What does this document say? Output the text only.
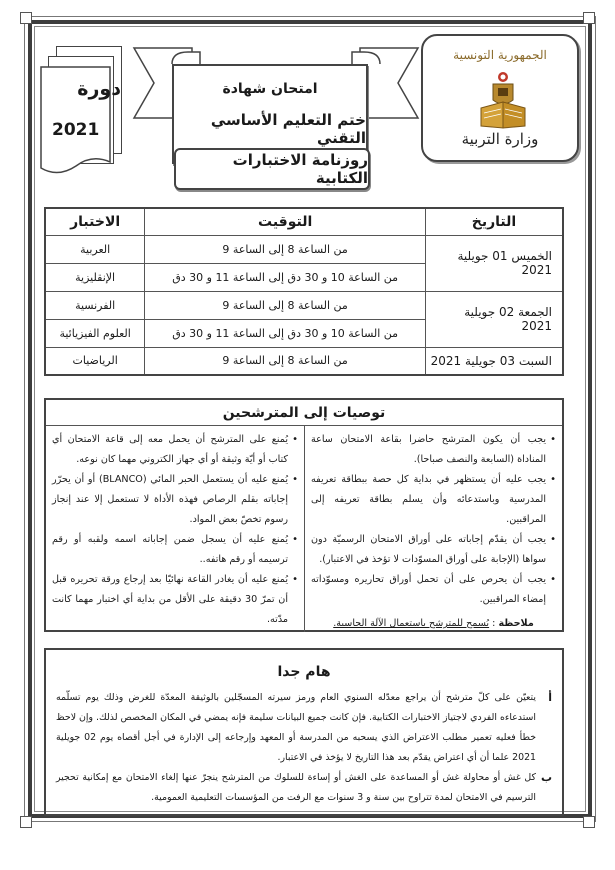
الجمهورية التونسية
وزارة التربية
دورة
2021
امتحان شهادة
ختم التعليم الأساسي التقني
روزنامة الاختبارات الكتابية
التاريخ	التوقيت	الاختبار
الخميس 01 جويلية 2021	من الساعة 8 إلى الساعة 9	العربية
	من الساعة 10 و 30 دق إلى الساعة 11 و 30 دق	الإنقليزية
الجمعة 02 جويلية 2021	من الساعة 8 إلى الساعة 9	الفرنسية
	من الساعة 10 و 30 دق إلى الساعة 11 و 30 دق	العلوم الفيزيائية
السبت 03 جويلية 2021	من الساعة 8 إلى الساعة 9	الرياضيات
توصيات إلى المترشحين
• يجب أن يكون المترشح حاضرا بقاعة الامتحان ساعة المناداة (السابعة والنصف صباحا).
• يجب عليه أن يستظهر في بداية كل حصة ببطاقة تعريفه المدرسية وباستدعائه وأن يسلم بطاقة تعريفه إلى المراقبين.
• يجب أن يقدّم إجاباته على أوراق الامتحان الرسميّة دون سواها (الإجابة على أوراق المسوّدات لا تؤخذ في الاعتبار).
• يجب أن يحرص على أن تحمل أوراق تحاريره ومسوّداته إمضاء المراقبين.
ملاحظة : يُسمح للمترشح باستعمال الآلة الحاسبة.
• يُمنع على المترشح أن يحمل معه إلى قاعة الامتحان أي كتاب أو أيّة وثيقة أو أي جهاز الكتروني مهما كان نوعه.
• يُمنع عليه أن يستعمل الحبر المائي (BLANCO) أو أن يحرّر إجاباته بقلم الرصاص فهذه الأداة لا تستعمل إلا عند إنجاز رسوم تخصّ بعض المواد.
• يُمنع عليه أن يسجل ضمن إجاباته اسمه ولقبه أو رقم ترسيمه أو رقم هاتفه..
• يُمنع عليه أن يغادر القاعة نهائيّا بعد إرجاع ورقة تحريره قبل أن تمرّ 30 دقيقة على الأقل من بداية أي اختبار مهما كانت مدّته.
هام جدا
أ
يتعيّن على كلّ مترشح أن يراجع معدّله السنوي العام ورمز سيرته المسجّلين بالوثيقة المعدّة للغرض وذلك يوم تسلّمه استدعاءه الفردي لاجتياز الاختبارات الكتابية. فإن كانت جميع البيانات سليمة فإنه يمضي في المكان المخصص لذلك. وإن لاحظ خطأ فعليه تعمير مطلب الاعتراض الذي يسحبه من المدرسة أو المعهد وإرجاعه إلى الإدارة في أجل أقصاه يوم 02 جويلية 2021 علما أن أي اعتراض يقدّم بعد هذا التاريخ لا يؤخذ في الاعتبار.
ب
كل غش أو محاولة غش أو المساعدة على الغش أو إساءة للسلوك من المترشح ينجرّ عنها إلغاء الامتحان مع إمكانية تحجير الترسيم في الامتحان لمدة تتراوح بين سنة و 3 سنوات مع الرفت من المؤسسات التعليمية العمومية.
